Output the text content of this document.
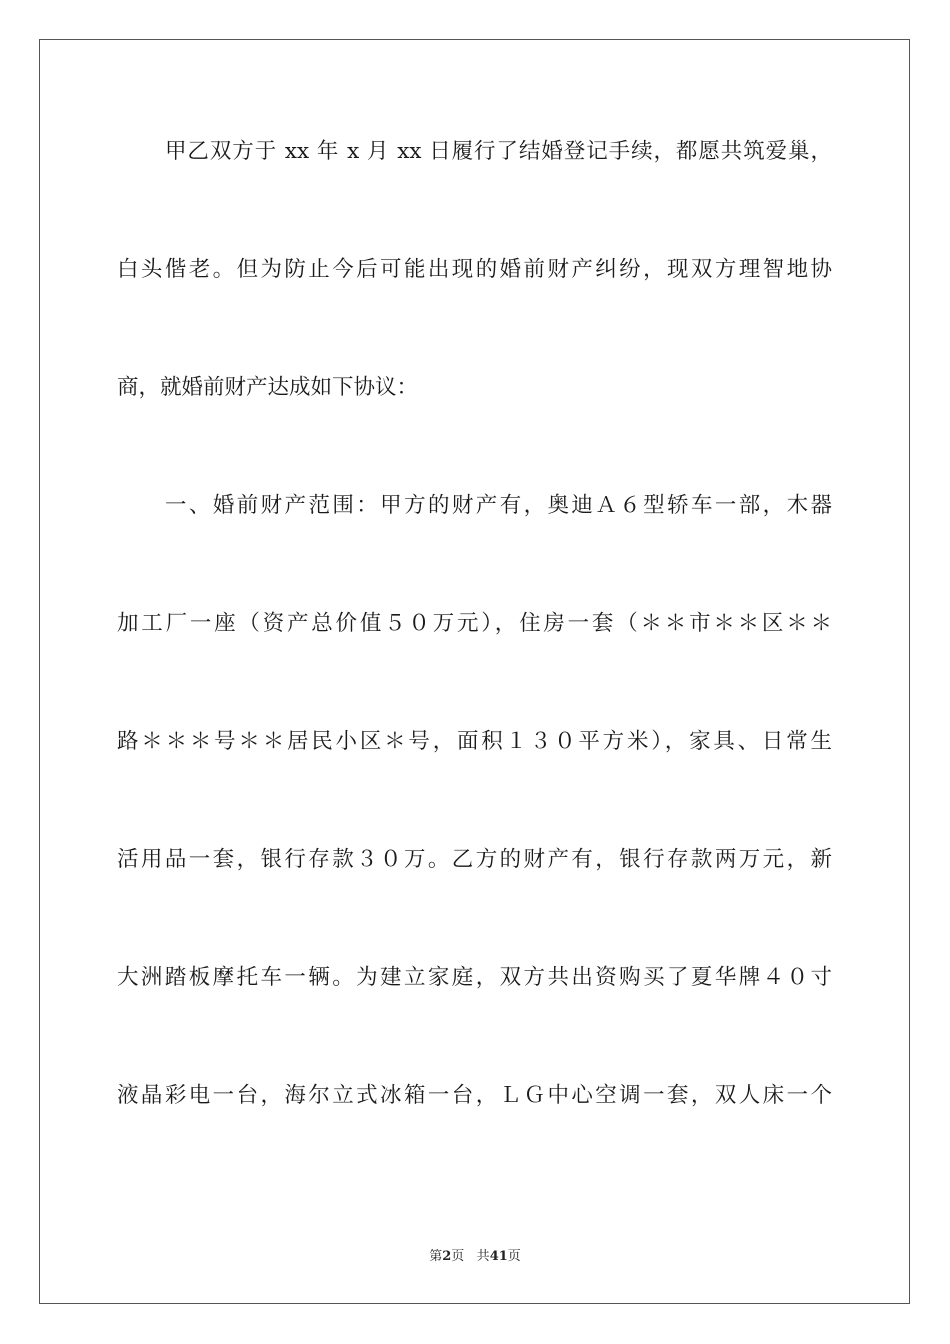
甲乙双方于 xx 年 x 月 xx 日履行了结婚登记手续，都愿共筑爱巢，
白头偕老。但为防止今后可能出现的婚前财产纠纷，现双方理智地协
商，就婚前财产达成如下协议：
一、婚前财产范围：甲方的财产有，奥迪Ａ６型轿车一部，木器
加工厂一座（资产总价值５０万元），住房一套（＊＊市＊＊区＊＊
路＊＊＊号＊＊居民小区＊号，面积１３０平方米），家具、日常生
活用品一套，银行存款３０万。乙方的财产有，银行存款两万元，新
大洲踏板摩托车一辆。为建立家庭，双方共出资购买了夏华牌４０寸
液晶彩电一台，海尔立式冰箱一台，ＬＧ中心空调一套，双人床一个
第2页 共41页
